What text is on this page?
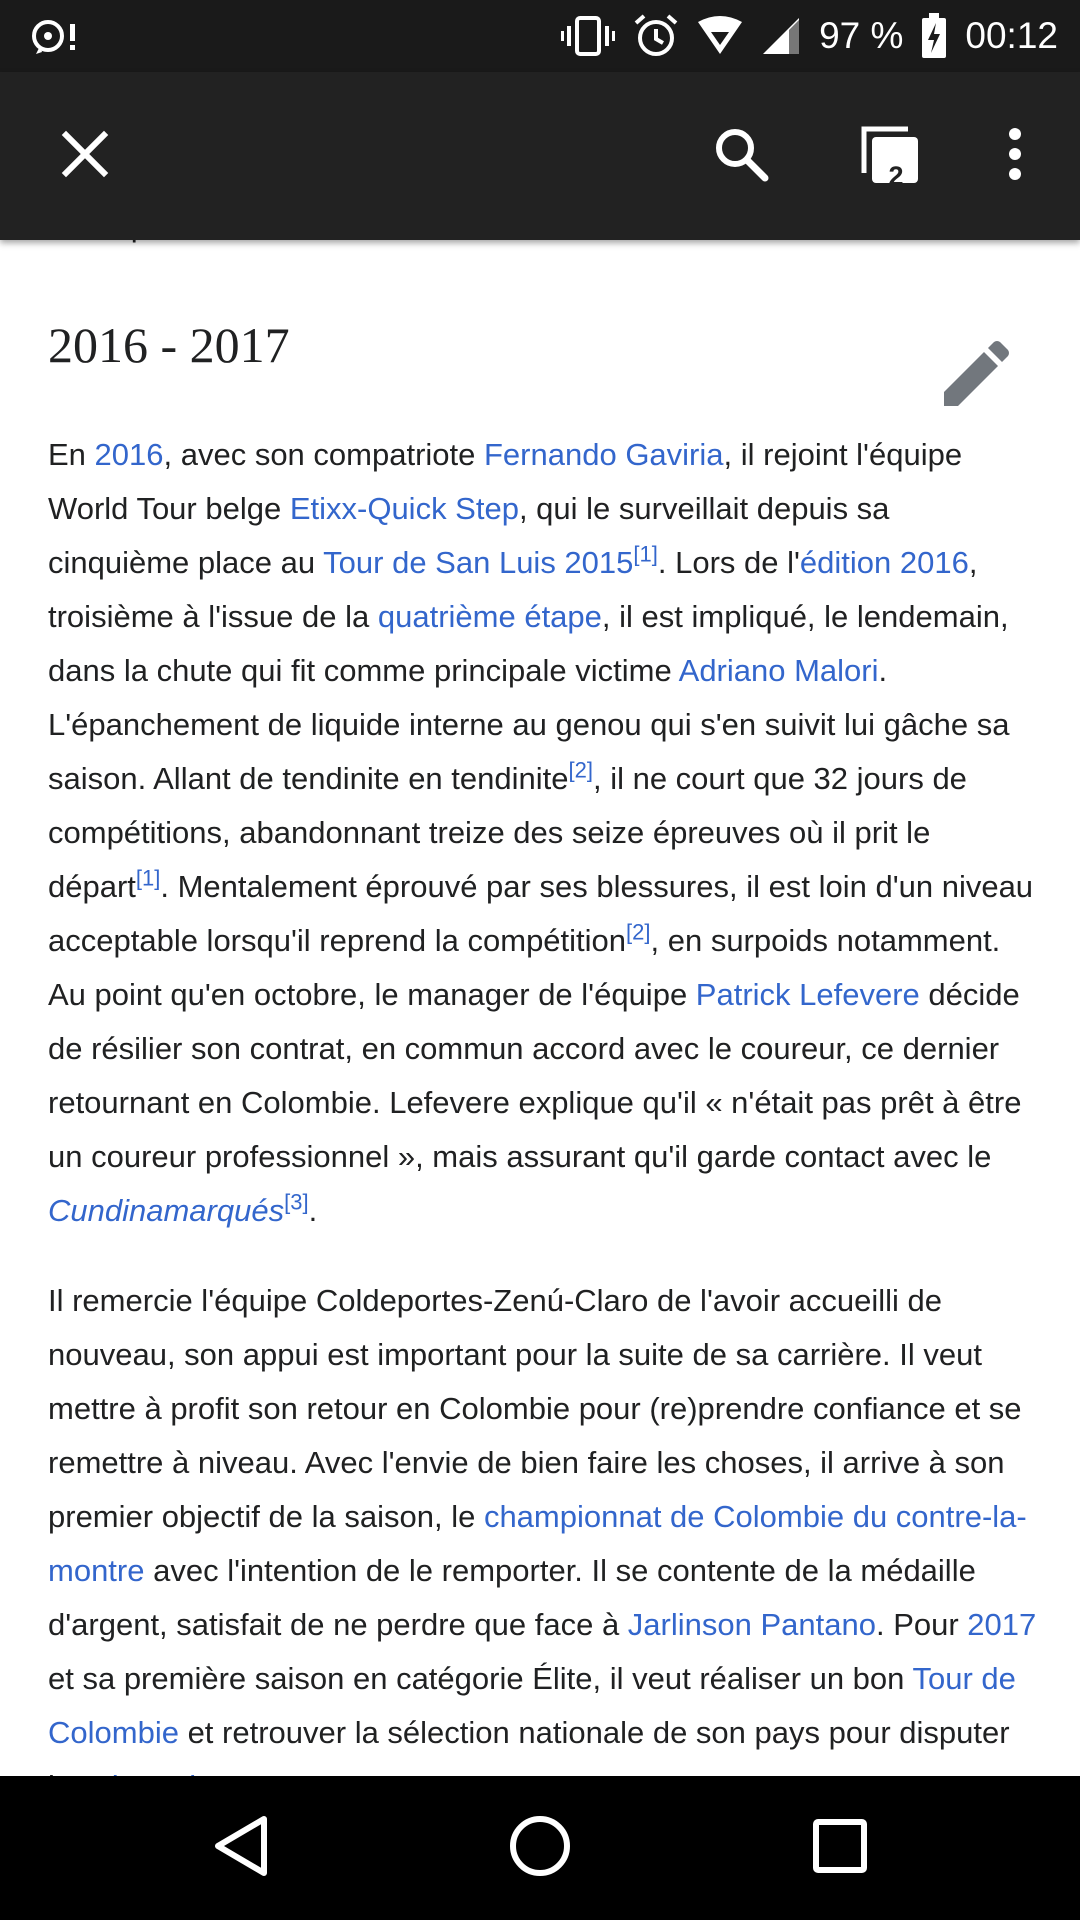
97 % 00:12
2
2016 - 2017

En 2016, avec son compatriote Fernando Gaviria, il rejoint l'équipe World Tour belge Etixx-Quick Step, qui le surveillait depuis sa cinquième place au Tour de San Luis 2015[1]. Lors de l'édition 2016, troisième à l'issue de la quatrième étape, il est impliqué, le lendemain, dans la chute qui fit comme principale victime Adriano Malori. L'épanchement de liquide interne au genou qui s'en suivit lui gâche sa saison. Allant de tendinite en tendinite[2], il ne court que 32 jours de compétitions, abandonnant treize des seize épreuves où il prit le départ[1]. Mentalement éprouvé par ses blessures, il est loin d'un niveau acceptable lorsqu'il reprend la compétition[2], en surpoids notamment. Au point qu'en octobre, le manager de l'équipe Patrick Lefevere décide de résilier son contrat, en commun accord avec le coureur, ce dernier retournant en Colombie. Lefevere explique qu'il « n'était pas prêt à être un coureur professionnel », mais assurant qu'il garde contact avec le Cundinamarqués[3].

Il remercie l'équipe Coldeportes-Zenú-Claro de l'avoir accueilli de nouveau, son appui est important pour la suite de sa carrière. Il veut mettre à profit son retour en Colombie pour (re)prendre confiance et se remettre à niveau. Avec l'envie de bien faire les choses, il arrive à son premier objectif de la saison, le championnat de Colombie du contre-la-montre avec l'intention de le remporter. Il se contente de la médaille d'argent, satisfait de ne perdre que face à Jarlinson Pantano. Pour 2017 et sa première saison en catégorie Élite, il veut réaliser un bon Tour de Colombie et retrouver la sélection nationale de son pays pour disputer
